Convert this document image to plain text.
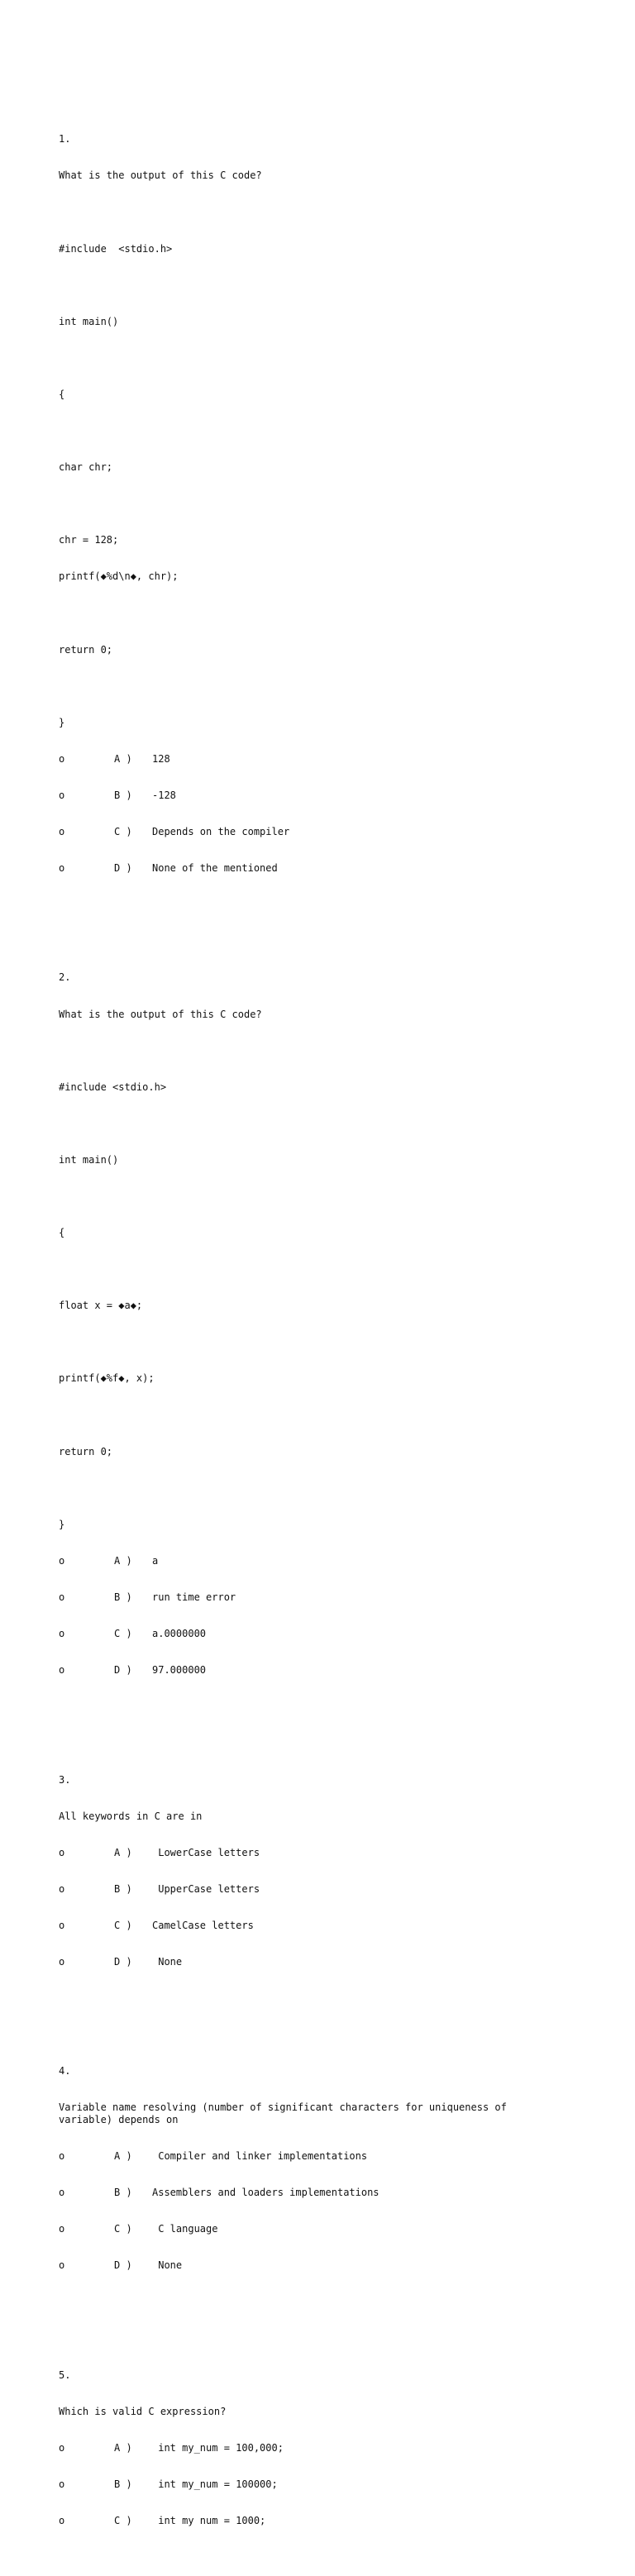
1.

What is the output of this C code?

#include  <stdio.h>

int main()

{

char chr;

chr = 128;

printf(◆%d\n◆, chr);

return 0;

}

o	A ) 128

o	B ) -128

o	C ) Depends on the compiler

o	D ) None of the mentioned

2.

What is the output of this C code?

#include <stdio.h>

int main()

{

float x = ◆a◆;

printf(◆%f◆, x);

return 0;

}

o	A ) a

o	B ) run time error

o	C ) a.0000000

o	D ) 97.000000

3.

All keywords in C are in

o	A ) LowerCase letters

o	B ) UpperCase letters

o	C ) CamelCase letters

o	D ) None

4.

Variable name resolving (number of significant characters for uniqueness of
variable) depends on

o	A ) Compiler and linker implementations

o	B ) Assemblers and loaders implementations

o	C ) C language

o	D ) None

5.

Which is valid C expression?

o	A ) int my_num = 100,000;

o	B ) int my_num = 100000;

o	C ) int my num = 1000;
